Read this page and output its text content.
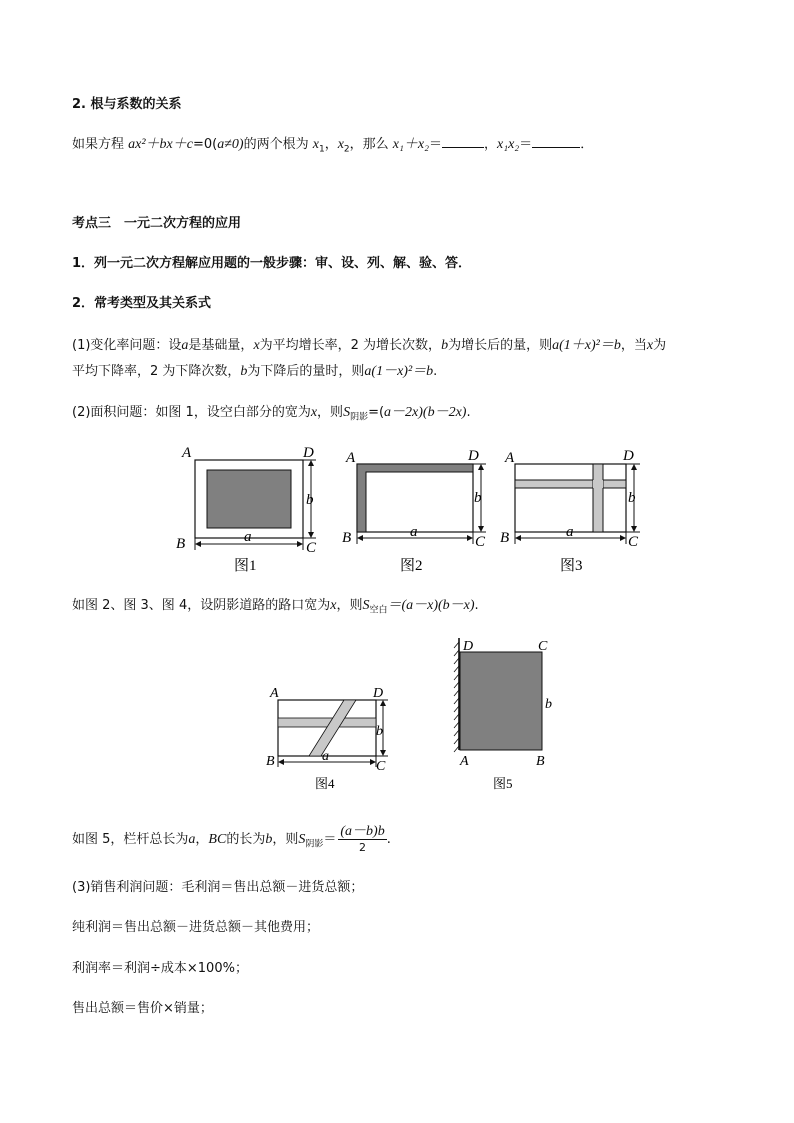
2. 根与系数的关系
如果方程 ax²＋bx＋c=0(a≠0)的两个根为 $x_1$，$x_2$，那么 x₁＋x₂＝	，x₁x₂＝	．
考点三　一元二次方程的应用
1．列一元二次方程解应用题的一般步骤：审、设、列、解、验、答．
2．常考类型及其关系式
(1)变化率问题：设a是基础量，x为平均增长率，2 为增长次数，b为增长后的量，则a(1＋x)²＝b，当x为
平均下降率，2 为下降次数，b为下降后的量时，则a(1－x)²＝b.
(2)面积问题：如图 1，设空白部分的宽为x，则$S_{阴影}=(a-2x)(b-2x)$.
A	D
B	C
b
a
图1
A	D
B	C
b
a
图2
A	D
B	C
b
a
图3
如图 2、图 3、图 4，设阴影道路的路口宽为x，则$S_{空白}=(a-x)(b-x)$.
A	D
B	C
b
a
图4
D	C
b
A	B
图5
如图 5，栏杆总长为a，BC的长为b，则$S_{阴影}= \frac{(a-b)b}{2}$ .
(3)销售利润问题：毛利润＝售出总额－进货总额；
纯利润＝售出总额－进货总额－其他费用；
利润率＝利润÷成本×100%；
售出总额＝售价×销量；
